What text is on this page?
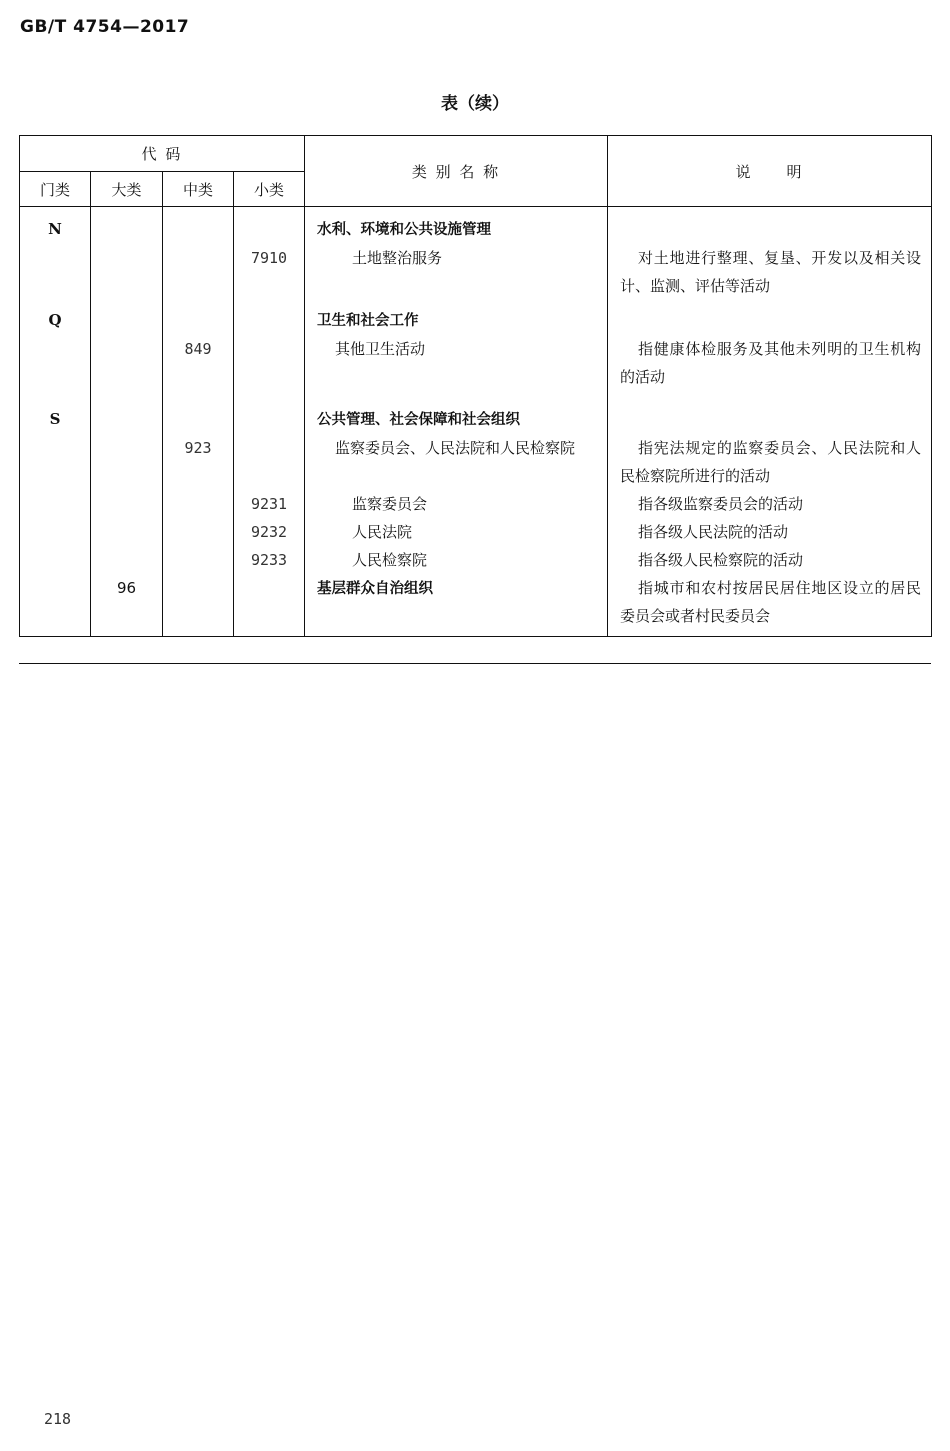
GB/T 4754—2017
表（续）
代 码				类 别 名 称	说　　明
门类	大类	中类	小类		
N				水利、环境和公共设施管理	

			7910	土地整治服务	对土地进行整理、复垦、开发以及相关设计、监测、评估等活动

Q				卫生和社会工作	

		849		其他卫生活动	指健康体检服务及其他未列明的卫生机构的活动

S				公共管理、社会保障和社会组织	

		923		监察委员会、人民法院和人民检察院	指宪法规定的监察委员会、人民法院和人民检察院所进行的活动

			9231	监察委员会	指各级监察委员会的活动

			9232	人民法院	指各级人民法院的活动

			9233	人民检察院	指各级人民检察院的活动

	96			基层群众自治组织	指城市和农村按居民居住地区设立的居民委员会或者村民委员会
218
